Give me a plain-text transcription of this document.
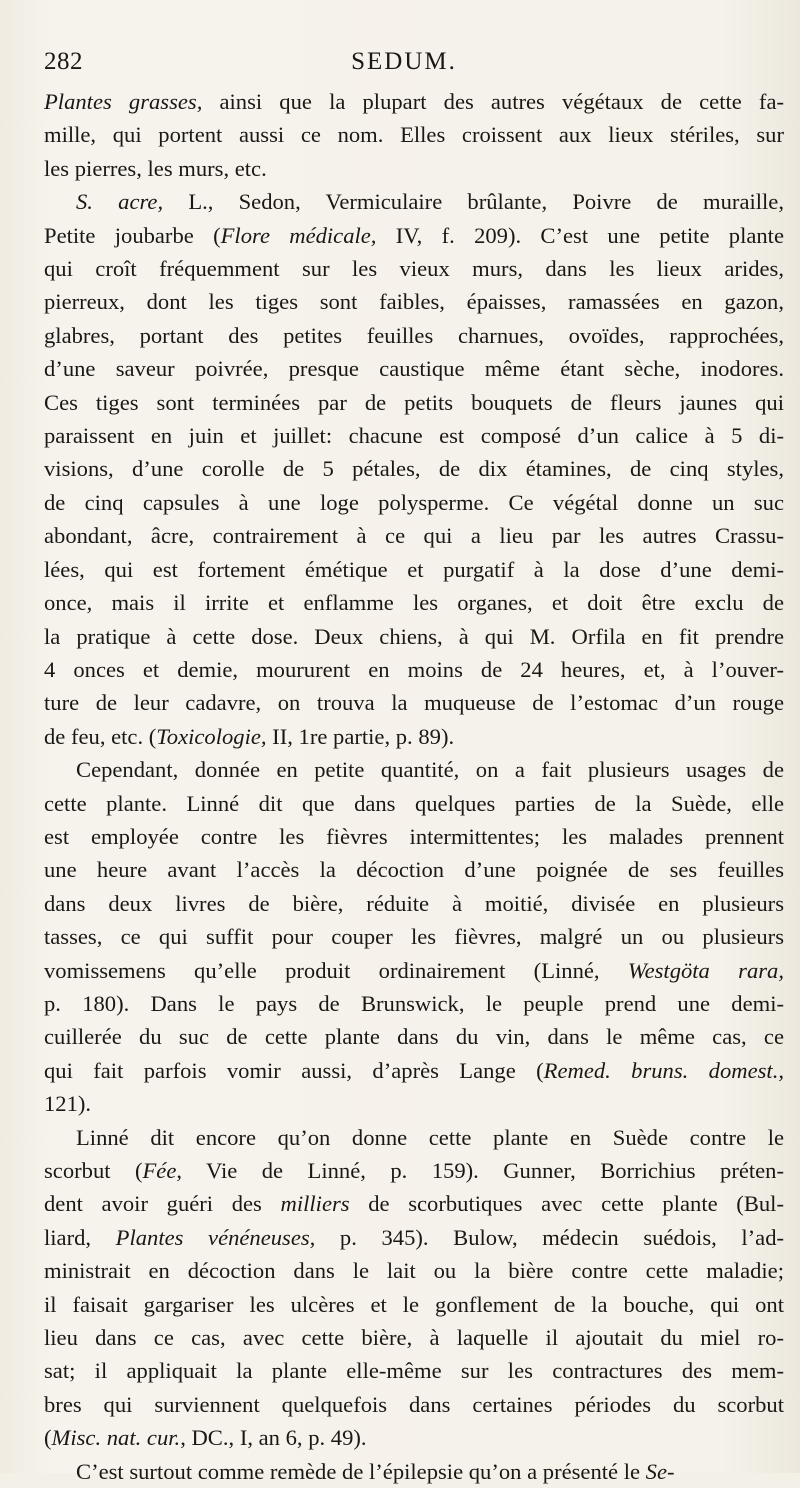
282	SEDUM.

Plantes grasses, ainsi que la plupart des autres végétaux de cette fa-
mille, qui portent aussi ce nom. Elles croissent aux lieux stériles, sur
les pierres, les murs, etc.

S. acre, L., Sedon, Vermiculaire brûlante, Poivre de muraille,
Petite joubarbe (Flore médicale, IV, f. 209). C’est une petite plante
qui croît fréquemment sur les vieux murs, dans les lieux arides,
pierreux, dont les tiges sont faibles, épaisses, ramassées en gazon,
glabres, portant des petites feuilles charnues, ovoïdes, rapprochées,
d’une saveur poivrée, presque caustique même étant sèche, inodores.
Ces tiges sont terminées par de petits bouquets de fleurs jaunes qui
paraissent en juin et juillet: chacune est composé d’un calice à 5 di-
visions, d’une corolle de 5 pétales, de dix étamines, de cinq styles,
de cinq capsules à une loge polysperme. Ce végétal donne un suc
abondant, âcre, contrairement à ce qui a lieu par les autres Crassu-
lées, qui est fortement émétique et purgatif à la dose d’une demi-
once, mais il irrite et enflamme les organes, et doit être exclu de
la pratique à cette dose. Deux chiens, à qui M. Orfila en fit prendre
4 onces et demie, moururent en moins de 24 heures, et, à l’ouver-
ture de leur cadavre, on trouva la muqueuse de l’estomac d’un rouge
de feu, etc. (Toxicologie, II, 1re partie, p. 89).

Cependant, donnée en petite quantité, on a fait plusieurs usages de
cette plante. Linné dit que dans quelques parties de la Suède, elle
est employée contre les fièvres intermittentes; les malades prennent
une heure avant l’accès la décoction d’une poignée de ses feuilles
dans deux livres de bière, réduite à moitié, divisée en plusieurs
tasses, ce qui suffit pour couper les fièvres, malgré un ou plusieurs
vomissemens qu’elle produit ordinairement (Linné, Westgöta rara,
p. 180). Dans le pays de Brunswick, le peuple prend une demi-
cuillerée du suc de cette plante dans du vin, dans le même cas, ce
qui fait parfois vomir aussi, d’après Lange (Remed. bruns. domest.,
121).

Linné dit encore qu’on donne cette plante en Suède contre le
scorbut (Fée, Vie de Linné, p. 159). Gunner, Borrichius préten-
dent avoir guéri des milliers de scorbutiques avec cette plante (Bul-
liard, Plantes vénéneuses, p. 345). Bulow, médecin suédois, l’ad-
ministrait en décoction dans le lait ou la bière contre cette maladie;
il faisait gargariser les ulcères et le gonflement de la bouche, qui ont
lieu dans ce cas, avec cette bière, à laquelle il ajoutait du miel ro-
sat; il appliquait la plante elle-même sur les contractures des mem-
bres qui surviennent quelquefois dans certaines périodes du scorbut
(Misc. nat. cur., DC., I, an 6, p. 49).

C’est surtout comme remède de l’épilepsie qu’on a présenté le Se-
